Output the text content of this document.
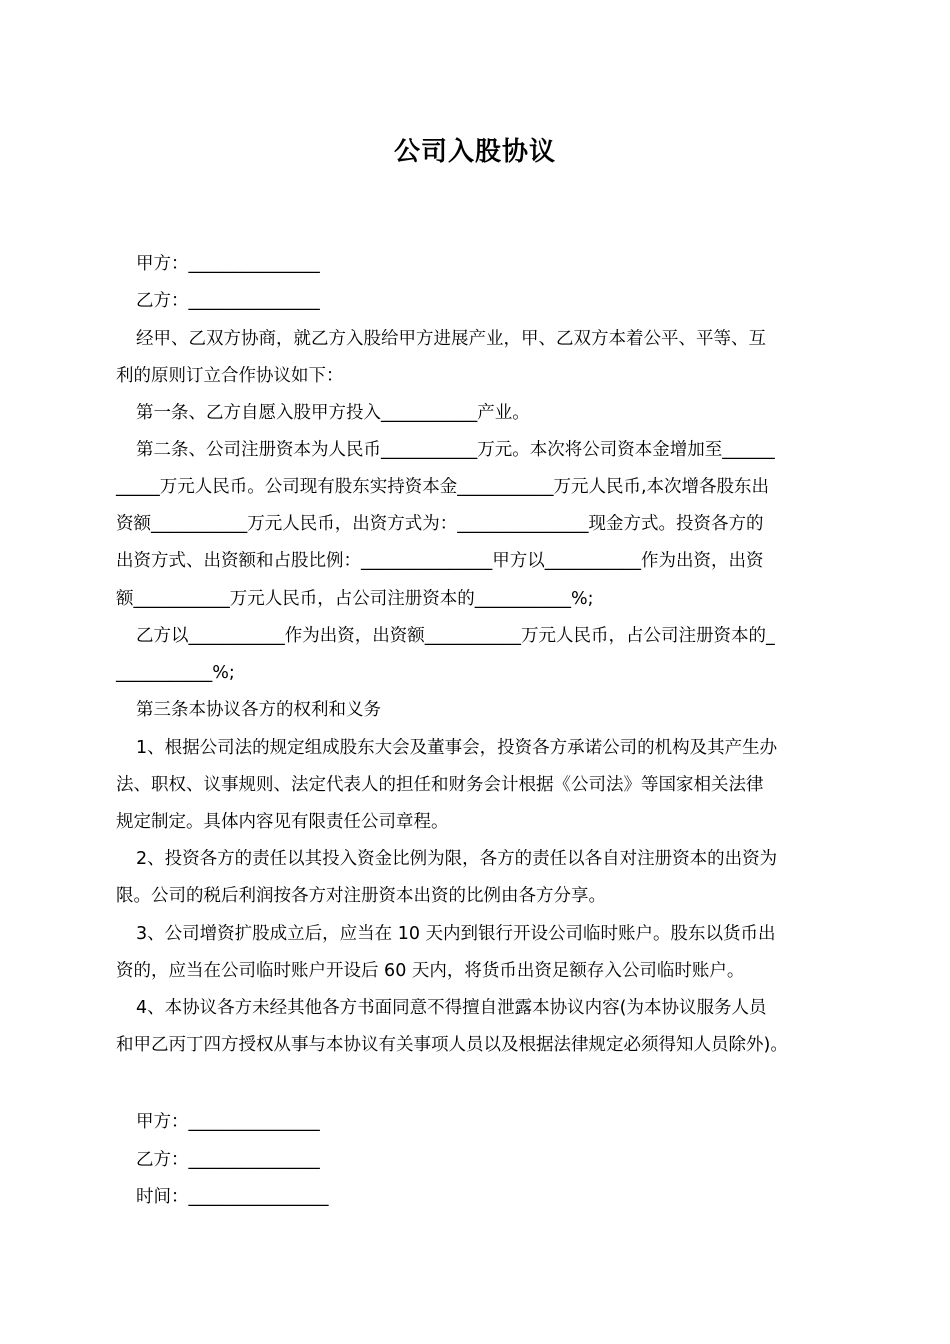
公司入股协议
甲方：_______________
乙方：_______________
经甲、乙双方协商，就乙方入股给甲方进展产业，甲、乙双方本着公平、平等、互
利的原则订立合作协议如下：
第一条、乙方自愿入股甲方投入___________产业。
第二条、公司注册资本为人民币___________万元。本次将公司资本金增加至______
_____万元人民币。公司现有股东实持资本金___________万元人民币,本次增各股东出
资额___________万元人民币，出资方式为：_______________现金方式。投资各方的
出资方式、出资额和占股比例：_______________甲方以___________作为出资，出资
额___________万元人民币，占公司注册资本的___________%;
乙方以___________作为出资，出资额___________万元人民币，占公司注册资本的_
___________%;
第三条本协议各方的权利和义务
1、根据公司法的规定组成股东大会及董事会，投资各方承诺公司的机构及其产生办
法、职权、议事规则、法定代表人的担任和财务会计根据《公司法》等国家相关法律
规定制定。具体内容见有限责任公司章程。
2、投资各方的责任以其投入资金比例为限，各方的责任以各自对注册资本的出资为
限。公司的税后利润按各方对注册资本出资的比例由各方分享。
3、公司增资扩股成立后，应当在 10 天内到银行开设公司临时账户。股东以货币出
资的，应当在公司临时账户开设后 60 天内，将货币出资足额存入公司临时账户。
4、本协议各方未经其他各方书面同意不得擅自泄露本协议内容(为本协议服务人员
和甲乙丙丁四方授权从事与本协议有关事项人员以及根据法律规定必须得知人员除外)。
甲方：_______________
乙方：_______________
时间：________________
